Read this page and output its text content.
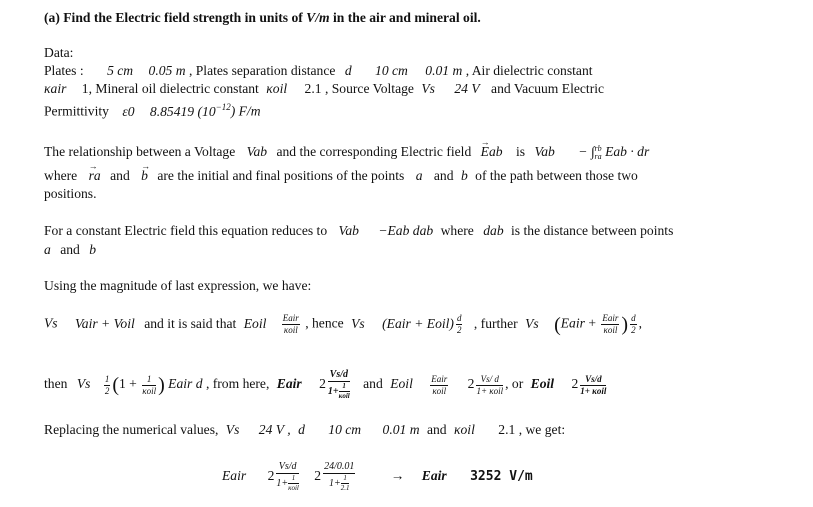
(a) Find the Electric field strength in units of V/m in the air and mineral oil.
Data:
Plates : 5 cm 0.05 m , Plates separation distance d 10 cm 0.01 m , Air dielectric constant
κair 1, Mineral oil dielectric constant κoil 2.1 , Source Voltage Vs 24 V and Vacuum Electric
Permittivity ε0 8.85419 $(10^{-12})$ F/m
The relationship between a Voltage Vab and the corresponding Electric field → Eab is Vab − ∫ rb
ra Eab · dr
where → ra and → b are the initial and final positions of the points a and b of the path between those two
positions.
For a constant Electric field this equation reduces to Vab −Eab dab where dab is the distance between points
a and b
Using the magnitude of last expression, we have:
Vs Vair + Voil and it is said that Eoil $\frac{\text{Eair}}{\text{κoil}}$ , hence Vs (Eair + Eoil) $\frac{d}{2}$ , further Vs (Eair + $\frac{\text{Eair}}{\text{κoil}}$ ) $\frac{d}{2}$ ,
then Vs $\frac{1}{2} (1 + \frac{1}{\text{κoil}}$ ) Eair d , from here, Eair $2 \frac{Vs/d}{1+ \frac{1}{\text{κoil}}}$ and Eoil $\frac{\text{Eair}}{\text{κoil}} 2 \frac{Vs/ d}{\text{1+ κoil}}$ , or Eoil $2 \frac{Vs/d}{\text{1+ κoil}}$
Replacing the numerical values, Vs 24 V , d 10 cm 0.01 m and κoil 2.1 , we get:
Eair $2 \frac{Vs/d}{1+ \frac{1}{\text{κoil}}} 2 \frac{24/0.01}{1+ \frac{1}{2.1}}$	→ Eair 3252 V/m
